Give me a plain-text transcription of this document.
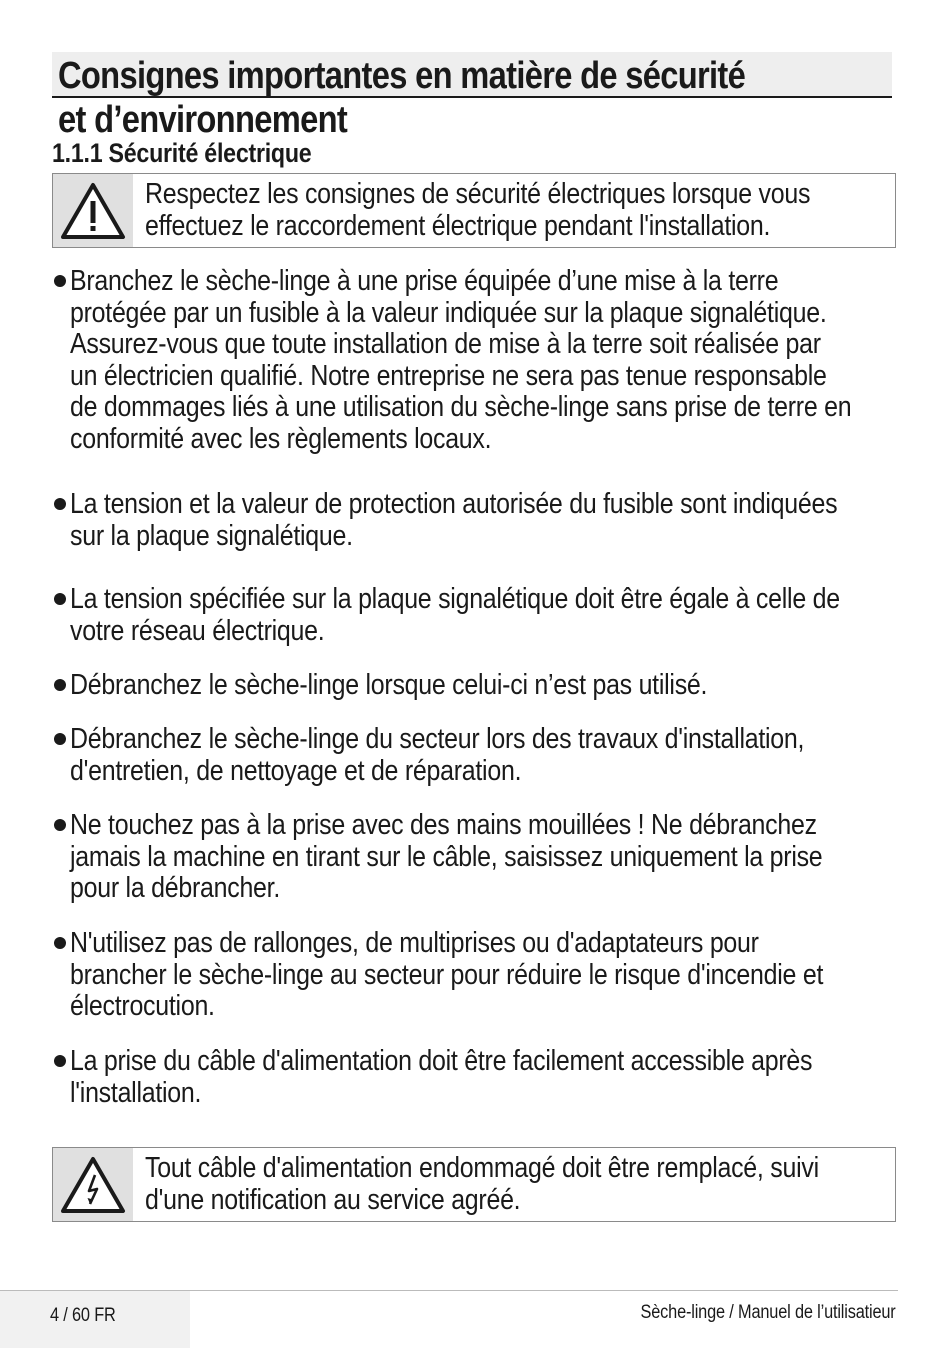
Consignes importantes en matière de sécurité
et d’environnement
1.1.1 Sécurité électrique
Respectez les consignes de sécurité électriques lorsque vous
effectuez le raccordement électrique pendant l'installation.
Branchez le sèche-linge à une prise équipée d’une mise à la terre
protégée par un fusible à la valeur indiquée sur la plaque signalétique.
Assurez-vous que toute installation de mise à la terre soit réalisée par
un électricien qualifié. Notre entreprise ne sera pas tenue responsable
de dommages liés à une utilisation du sèche-linge sans prise de terre en
conformité avec les règlements locaux.
La tension et la valeur de protection autorisée du fusible sont indiquées
sur la plaque signalétique.
La tension spécifiée sur la plaque signalétique doit être égale à celle de
votre réseau électrique.
Débranchez le sèche-linge lorsque celui-ci n’est pas utilisé.
Débranchez le sèche-linge du secteur lors des travaux d'installation,
d'entretien, de nettoyage et de réparation.
Ne touchez pas à la prise avec des mains mouillées ! Ne débranchez
jamais la machine en tirant sur le câble, saisissez uniquement la prise
pour la débrancher.
N'utilisez pas de rallonges, de multiprises ou d'adaptateurs pour
brancher le sèche-linge au secteur pour réduire le risque d'incendie et
électrocution.
La prise du câble d'alimentation doit être facilement accessible après
l'installation.
Tout câble d'alimentation endommagé doit être remplacé, suivi
d'une notification au service agréé.
4 / 60 FR	Sèche-linge / Manuel de l’utilisatieur
